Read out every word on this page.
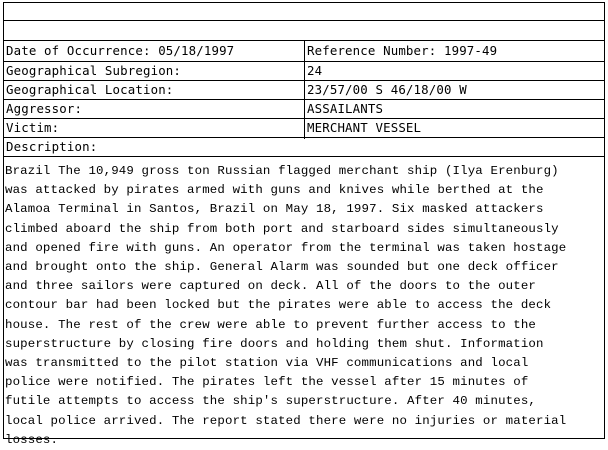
Date of Occurrence: 05/18/1997	Reference Number: 1997-49
Geographical Subregion:	24
Geographical Location:	23/57/00 S 46/18/00 W
Aggressor:	ASSAILANTS
Victim:	MERCHANT VESSEL
Description:
Brazil The 10,949 gross ton Russian flagged merchant ship (Ilya Erenburg)
was attacked by pirates armed with guns and knives while berthed at the
Alamoa Terminal in Santos, Brazil on May 18, 1997. Six masked attackers
climbed aboard the ship from both port and starboard sides simultaneously
and opened fire with guns. An operator from the terminal was taken hostage
and brought onto the ship. General Alarm was sounded but one deck officer
and three sailors were captured on deck. All of the doors to the outer
contour bar had been locked but the pirates were able to access the deck
house. The rest of the crew were able to prevent further access to the
superstructure by closing fire doors and holding them shut. Information
was transmitted to the pilot station via VHF communications and local
police were notified. The pirates left the vessel after 15 minutes of
futile attempts to access the ship's superstructure. After 40 minutes,
local police arrived. The report stated there were no injuries or material
losses.
